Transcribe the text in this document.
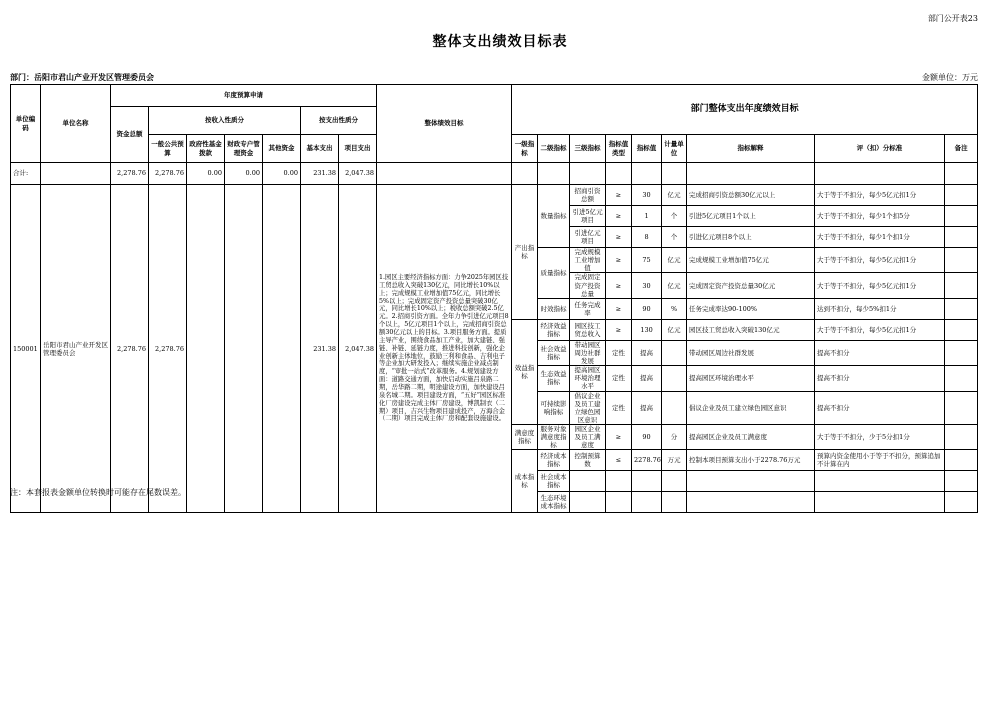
部门公开表23
整体支出绩效目标表
部门：岳阳市君山产业开发区管理委员会	金额单位：万元
单位编码	单位名称	年度预算申请							整体绩效目标	部门整体支出年度绩效目标								
		资金总额	按收入性质分				按支出性质分											
			一般公共预算	政府性基金拨款	财政专户管理资金	其他资金	基本支出	项目支出		一级指标	二级指标	三级指标	指标值类型	指标值	计量单位	指标解释	评（扣）分标准	备注

合计:		2,278.76	2,278.76	0.00	0.00	0.00	231.38	2,047.38										
150001	岳阳市君山产业开发区管理委员会	2,278.76	2,278.76				231.38	2,047.38	1.园区主要经济指标方面：力争2025年园区技工贸总收入突破130亿元，同比增长10%以上；完成规模工业增加值75亿元，同比增长5%以上；完成固定资产投资总量突破30亿元，同比增长10%以上；税收总额突破2.5亿元。2.招商引资方面。全年力争引进亿元项目8个以上，5亿元项目1个以上，完成招商引资总额30亿元以上的目标。3.项目服务方面。提质主导产业，围绕食品加工产业，加大建链、强链、补链、延链力度，推进科技创新，强化企业创新主体地位，鼓励三利和食品、吉利电子等企业加大研发投入；继续实施企业减点制度，“审批一站式”改革服务。4.规划建设方面：道路交通方面，加快启动实施吕泉路二期，岳华路二期，明途建设方面，加快建设吕泉名城二期。项目建设方面，“五好”园区标准化厂房建设完成主体厂房建设，博凯制衣（二期）项目，吉兴生物项目建成投产，万海合金（二期）项目完成主体厂房和配套设施建设。	产出指标	数量指标	招商引资总额	≥	30	亿元	完成招商引资总额30亿元以上	大于等于不扣分，每少5亿元扣1分	
												引进5亿元项目	≥	1	个	引进5亿元项目1个以上	大于等于不扣分，每少1个扣5分	
												引进亿元项目	≥	8	个	引进亿元项目8个以上	大于等于不扣分，每少1个扣1分	
											质量指标	完成规模工业增加值	≥	75	亿元	完成规模工业增加值75亿元	大于等于不扣分，每少5亿元扣1分	
												完成固定资产投资总量	≥	30	亿元	完成固定资产投资总量30亿元	大于等于不扣分，每少5亿元扣1分	
											时效指标	任务完成率	≥	90	%	任务完成率达90-100%	达到不扣分，每少5%扣1分	
										效益指标	经济效益指标	园区技工贸总收入	≥	130	亿元	园区技工贸总收入突破130亿元	大于等于不扣分，每少5亿元扣1分	
											社会效益指标	带动园区周边社群发展	定性	提高		带动园区周边社群发展	提高不扣分	
											生态效益指标	提高园区环境治理水平	定性	提高		提高园区环境治理水平	提高不扣分	
											可持续影响指标	倡议企业及员工建立绿色园区意识	定性	提高		倡议企业及员工建立绿色园区意识	提高不扣分	
										满意度指标	服务对象满意度指标	园区企业及员工满意度	≥	90	分	提高园区企业及员工满意度	大于等于不扣分，少于5分扣1分	
										成本指标	经济成本指标	控制预算数	≤	2278.76	万元	控制本项目预算支出小于2278.76万元	预算内资金使用小于等于不扣分，预算追加不计算在内	
											社会成本指标							
											生态环境成本指标							
注：本套报表金额单位转换时可能存在尾数误差。
